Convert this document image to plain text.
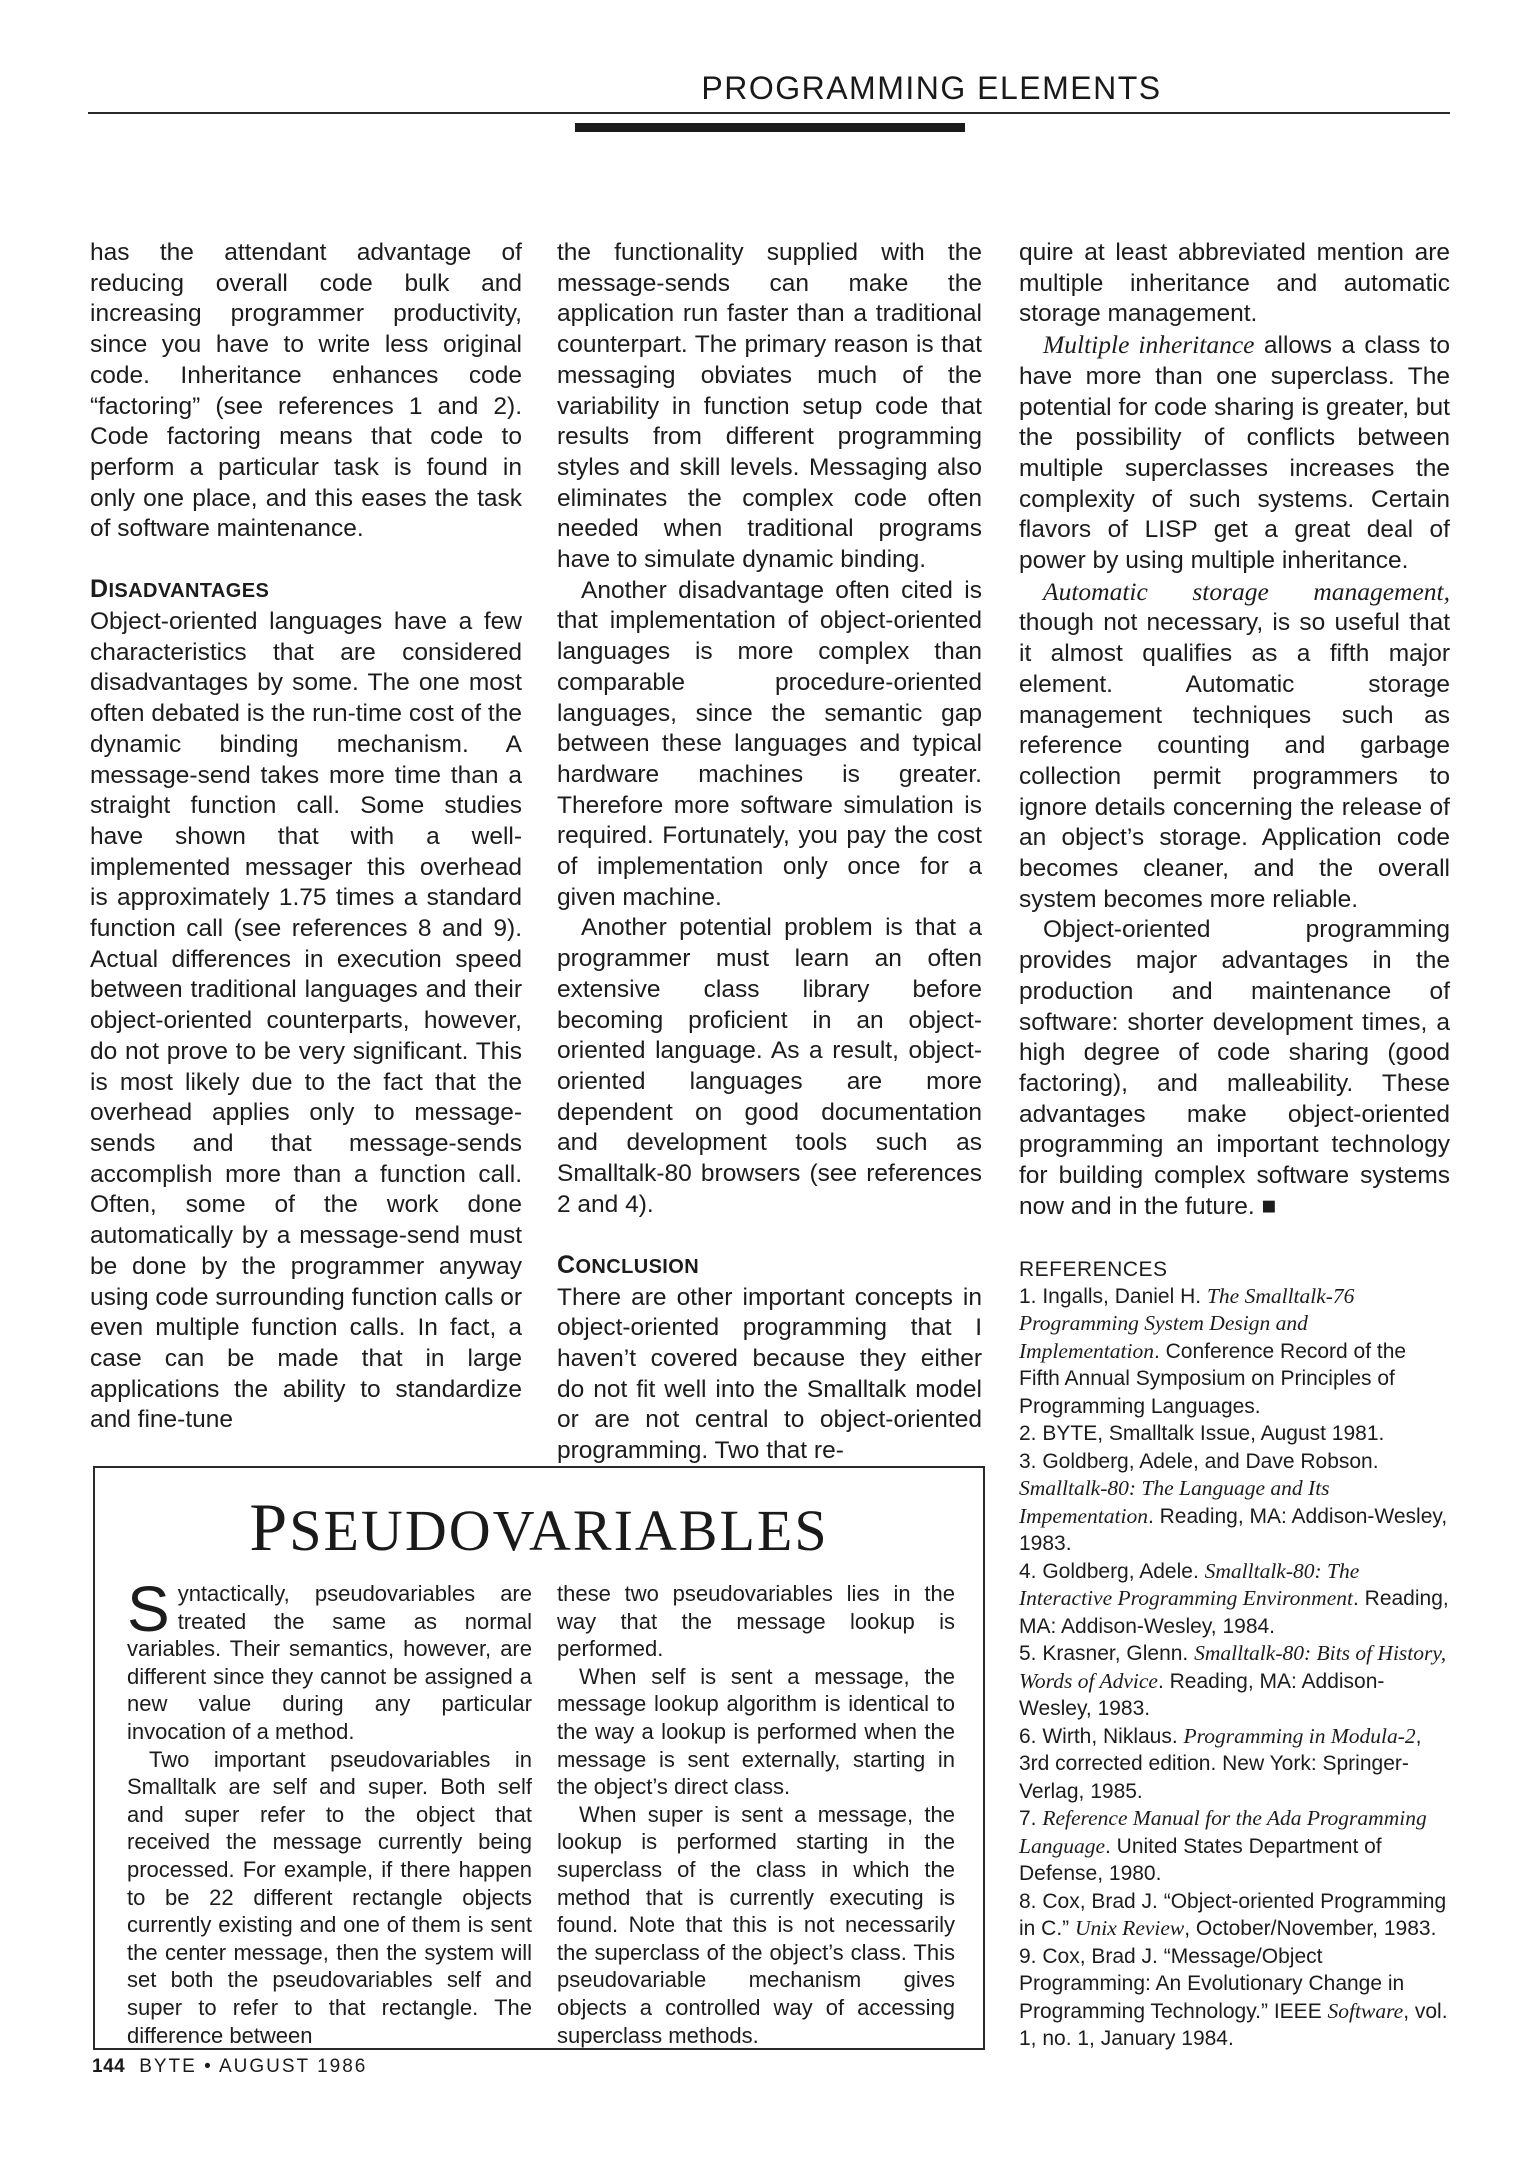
PROGRAMMING ELEMENTS

has the attendant advantage of reducing overall code bulk and increasing programmer productivity, since you have to write less original code. Inheritance enhances code “factoring” (see references 1 and 2). Code factoring means that code to perform a particular task is found in only one place, and this eases the task of software maintenance.

DISADVANTAGES

Object-oriented languages have a few characteristics that are considered disadvantages by some. The one most often debated is the run-time cost of the dynamic binding mechanism. A message-send takes more time than a straight function call. Some studies have shown that with a well-implemented messager this overhead is approximately 1.75 times a standard function call (see references 8 and 9). Actual differences in execution speed between traditional languages and their object-oriented counterparts, however, do not prove to be very significant. This is most likely due to the fact that the overhead applies only to message-sends and that message-sends accomplish more than a function call. Often, some of the work done automatically by a message-send must be done by the programmer anyway using code surrounding function calls or even multiple function calls. In fact, a case can be made that in large applications the ability to standardize and fine-tune

the functionality supplied with the message-sends can make the application run faster than a traditional counterpart. The primary reason is that messaging obviates much of the variability in function setup code that results from different programming styles and skill levels. Messaging also eliminates the complex code often needed when traditional programs have to simulate dynamic binding.

Another disadvantage often cited is that implementation of object-oriented languages is more complex than comparable procedure-oriented languages, since the semantic gap between these languages and typical hardware machines is greater. Therefore more software simulation is required. Fortunately, you pay the cost of implementation only once for a given machine.

Another potential problem is that a programmer must learn an often extensive class library before becoming proficient in an object-oriented language. As a result, object-oriented languages are more dependent on good documentation and development tools such as Smalltalk-80 browsers (see references 2 and 4).

CONCLUSION

There are other important concepts in object-oriented programming that I haven’t covered because they either do not fit well into the Smalltalk model or are not central to object-oriented programming. Two that re-

quire at least abbreviated mention are multiple inheritance and automatic storage management.

Multiple inheritance allows a class to have more than one superclass. The potential for code sharing is greater, but the possibility of conflicts between multiple superclasses increases the complexity of such systems. Certain flavors of LISP get a great deal of power by using multiple inheritance.

Automatic storage management, though not necessary, is so useful that it almost qualifies as a fifth major element. Automatic storage management techniques such as reference counting and garbage collection permit programmers to ignore details concerning the release of an object’s storage. Application code becomes cleaner, and the overall system becomes more reliable.

Object-oriented programming provides major advantages in the production and maintenance of software: shorter development times, a high degree of code sharing (good factoring), and malleability. These advantages make object-oriented programming an important technology for building complex software systems now and in the future. ■

REFERENCES
1. Ingalls, Daniel H. The Smalltalk-76 Programming System Design and Implementation. Conference Record of the Fifth Annual Symposium on Principles of Programming Languages.
2. BYTE, Smalltalk Issue, August 1981.
3. Goldberg, Adele, and Dave Robson. Smalltalk-80: The Language and Its Impementation. Reading, MA: Addison-Wesley, 1983.
4. Goldberg, Adele. Smalltalk-80: The Interactive Programming Environment. Reading, MA: Addison-Wesley, 1984.
5. Krasner, Glenn. Smalltalk-80: Bits of History, Words of Advice. Reading, MA: Addison-Wesley, 1983.
6. Wirth, Niklaus. Programming in Modula-2, 3rd corrected edition. New York: Springer-Verlag, 1985.
7. Reference Manual for the Ada Programming Language. United States Department of Defense, 1980.
8. Cox, Brad J. “Object-oriented Programming in C.” Unix Review, October/November, 1983.
9. Cox, Brad J. “Message/Object Programming: An Evolutionary Change in Programming Technology.” IEEE Software, vol. 1, no. 1, January 1984.
PSEUDOVARIABLES

Syntactically, pseudovariables are treated the same as normal variables. Their semantics, however, are different since they cannot be assigned a new value during any particular invocation of a method.

Two important pseudovariables in Smalltalk are self and super. Both self and super refer to the object that received the message currently being processed. For example, if there happen to be 22 different rectangle objects currently existing and one of them is sent the center message, then the system will set both the pseudovariables self and super to refer to that rectangle. The difference between

these two pseudovariables lies in the way that the message lookup is performed.

When self is sent a message, the message lookup algorithm is identical to the way a lookup is performed when the message is sent externally, starting in the object’s direct class.

When super is sent a message, the lookup is performed starting in the superclass of the class in which the method that is currently executing is found. Note that this is not necessarily the superclass of the object’s class. This pseudovariable mechanism gives objects a controlled way of accessing superclass methods.

144 BYTE • AUGUST 1986
